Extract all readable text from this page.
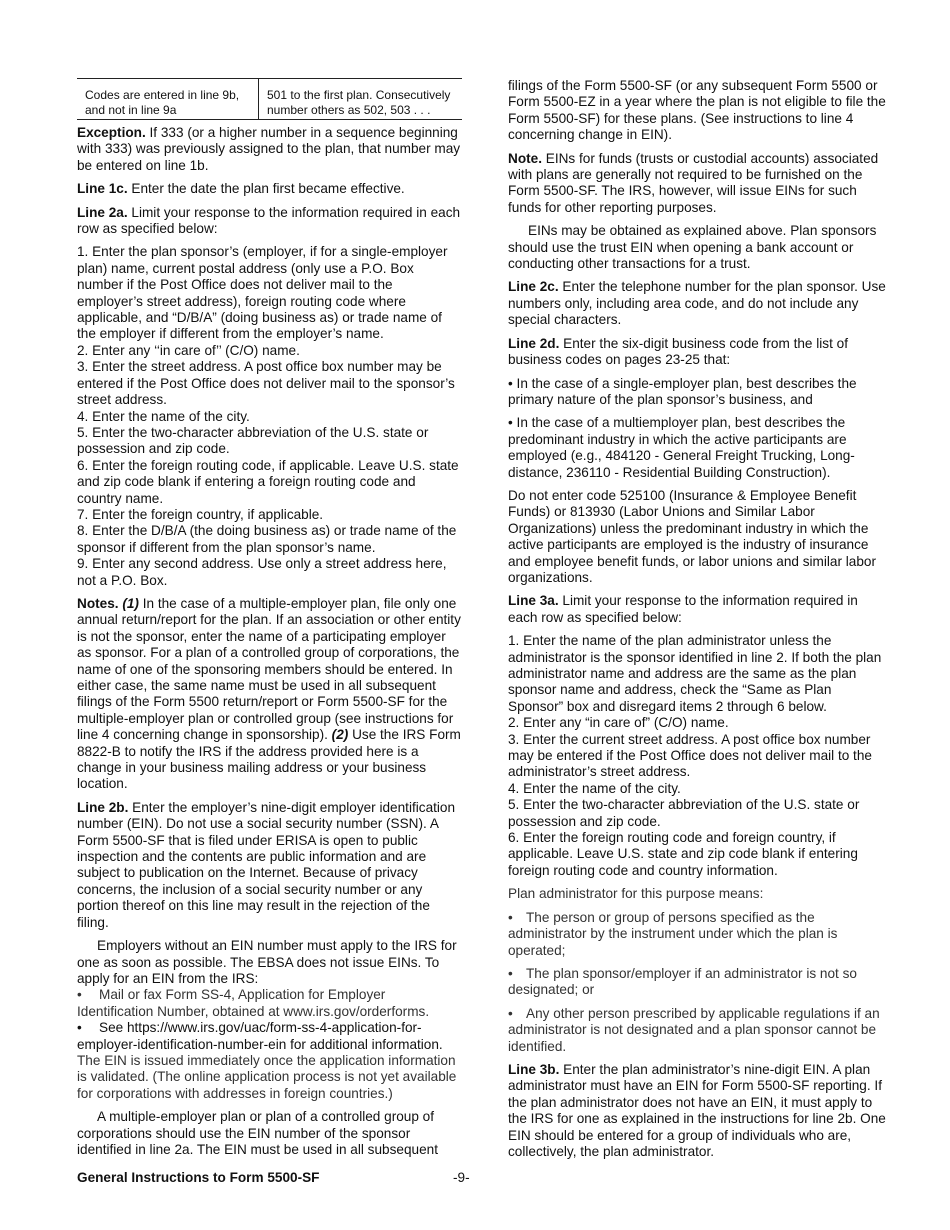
Codes are entered in line 9b, and not in line 9a	501 to the first plan. Consecutively number others as 502, 503 . . .

Exception. If 333 (or a higher number in a sequence beginning with 333) was previously assigned to the plan, that number may be entered on line 1b.

Line 1c. Enter the date the plan first became effective.

Line 2a. Limit your response to the information required in each row as specified below:

1. Enter the plan sponsor’s (employer, if for a single-employer plan) name, current postal address (only use a P.O. Box number if the Post Office does not deliver mail to the employer’s street address), foreign routing code where applicable, and “D/B/A” (doing business as) or trade name of the employer if different from the employer’s name.

2. Enter any ‘‘in care of’’ (C/O) name.

3. Enter the street address. A post office box number may be entered if the Post Office does not deliver mail to the sponsor’s street address.

4. Enter the name of the city.

5. Enter the two-character abbreviation of the U.S. state or possession and zip code.

6. Enter the foreign routing code, if applicable. Leave U.S. state and zip code blank if entering a foreign routing code and country name.

7. Enter the foreign country, if applicable.

8. Enter the D/B/A (the doing business as) or trade name of the sponsor if different from the plan sponsor’s name.

9. Enter any second address. Use only a street address here, not a P.O. Box.

Notes. (1) In the case of a multiple-employer plan, file only one annual return/report for the plan. If an association or other entity is not the sponsor, enter the name of a participating employer as sponsor. For a plan of a controlled group of corporations, the name of one of the sponsoring members should be entered. In either case, the same name must be used in all subsequent filings of the Form 5500 return/report or Form 5500-SF for the multiple-employer plan or controlled group (see instructions for line 4 concerning change in sponsorship). (2) Use the IRS Form 8822-B to notify the IRS if the address provided here is a change in your business mailing address or your business location.

Line 2b. Enter the employer’s nine-digit employer identification number (EIN). Do not use a social security number (SSN). A Form 5500-SF that is filed under ERISA is open to public inspection and the contents are public information and are subject to publication on the Internet. Because of privacy concerns, the inclusion of a social security number or any portion thereof on this line may result in the rejection of the filing.

Employers without an EIN number must apply to the IRS for one as soon as possible. The EBSA does not issue EINs. To apply for an EIN from the IRS:

• Mail or fax Form SS-4, Application for Employer Identification Number, obtained at www.irs.gov/orderforms.
• See https://www.irs.gov/uac/form-ss-4-application-for-employer-identification-number-ein for additional information.

The EIN is issued immediately once the application information is validated. (The online application process is not yet available for corporations with addresses in foreign countries.)

A multiple-employer plan or plan of a controlled group of corporations should use the EIN number of the sponsor identified in line 2a. The EIN must be used in all subsequent

filings of the Form 5500-SF (or any subsequent Form 5500 or Form 5500-EZ in a year where the plan is not eligible to file the Form 5500-SF) for these plans. (See instructions to line 4 concerning change in EIN).

Note. EINs for funds (trusts or custodial accounts) associated with plans are generally not required to be furnished on the Form 5500-SF. The IRS, however, will issue EINs for such funds for other reporting purposes.

EINs may be obtained as explained above. Plan sponsors should use the trust EIN when opening a bank account or conducting other transactions for a trust.

Line 2c. Enter the telephone number for the plan sponsor. Use numbers only, including area code, and do not include any special characters.

Line 2d. Enter the six-digit business code from the list of business codes on pages 23-25 that:

• In the case of a single-employer plan, best describes the primary nature of the plan sponsor’s business, and
• In the case of a multiemployer plan, best describes the predominant industry in which the active participants are employed (e.g., 484120 - General Freight Trucking, Long-distance, 236110 - Residential Building Construction).

Do not enter code 525100 (Insurance & Employee Benefit Funds) or 813930 (Labor Unions and Similar Labor Organizations) unless the predominant industry in which the active participants are employed is the industry of insurance and employee benefit funds, or labor unions and similar labor organizations.

Line 3a. Limit your response to the information required in each row as specified below:

1. Enter the name of the plan administrator unless the administrator is the sponsor identified in line 2. If both the plan administrator name and address are the same as the plan sponsor name and address, check the “Same as Plan Sponsor” box and disregard items 2 through 6 below.

2. Enter any “in care of” (C/O) name.

3. Enter the current street address. A post office box number may be entered if the Post Office does not deliver mail to the administrator’s street address.

4. Enter the name of the city.

5. Enter the two-character abbreviation of the U.S. state or possession and zip code.

6. Enter the foreign routing code and foreign country, if applicable. Leave U.S. state and zip code blank if entering foreign routing code and country information.

Plan administrator for this purpose means:

• The person or group of persons specified as the administrator by the instrument under which the plan is operated;
• The plan sponsor/employer if an administrator is not so designated; or
• Any other person prescribed by applicable regulations if an administrator is not designated and a plan sponsor cannot be identified.

Line 3b. Enter the plan administrator’s nine-digit EIN. A plan administrator must have an EIN for Form 5500-SF reporting. If the plan administrator does not have an EIN, it must apply to the IRS for one as explained in the instructions for line 2b. One EIN should be entered for a group of individuals who are, collectively, the plan administrator.

General Instructions to Form 5500-SF	-9-
